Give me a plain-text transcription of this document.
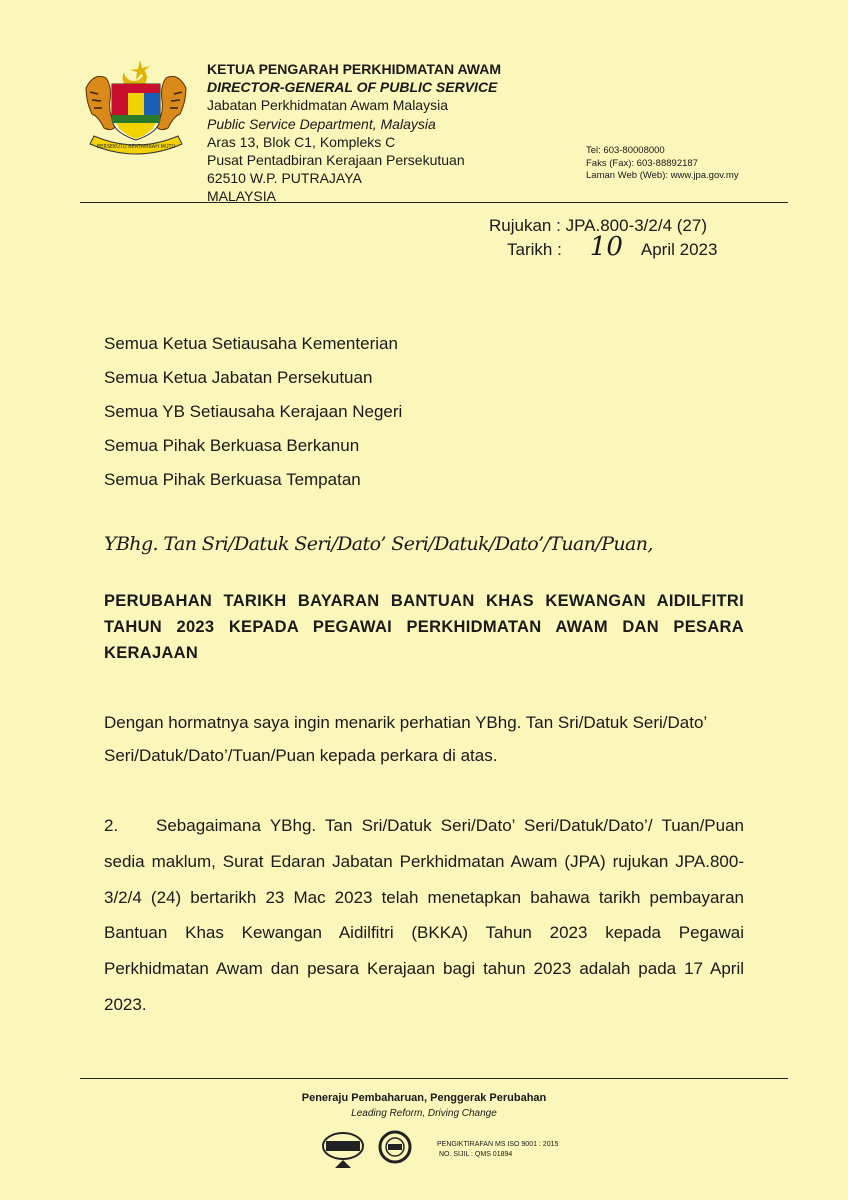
BERSEKUTU BERTAMBAH MUTU
KETUA PENGARAH PERKHIDMATAN AWAM
DIRECTOR-GENERAL OF PUBLIC SERVICE
Jabatan Perkhidmatan Awam Malaysia
Public Service Department, Malaysia
Aras 13, Blok C1, Kompleks C
Pusat Pentadbiran Kerajaan Persekutuan
62510 W.P. PUTRAJAYA
MALAYSIA
Tel: 603-80008000
Faks (Fax): 603-88892187
Laman Web (Web): www.jpa.gov.my
Rujukan : JPA.800-3/2/4 (27)
Tarikh : 10 April 2023
Semua Ketua Setiausaha Kementerian
Semua Ketua Jabatan Persekutuan
Semua YB Setiausaha Kerajaan Negeri
Semua Pihak Berkuasa Berkanun
Semua Pihak Berkuasa Tempatan
YBhg. Tan Sri/Datuk Seri/Dato’ Seri/Datuk/Dato’/Tuan/Puan,
PERUBAHAN TARIKH BAYARAN BANTUAN KHAS KEWANGAN AIDILFITRI TAHUN 2023 KEPADA PEGAWAI PERKHIDMATAN AWAM DAN PESARA KERAJAAN
Dengan hormatnya saya ingin menarik perhatian YBhg. Tan Sri/Datuk Seri/Dato’ Seri/Datuk/Dato’/Tuan/Puan kepada perkara di atas.
2. Sebagaimana YBhg. Tan Sri/Datuk Seri/Dato’ Seri/Datuk/Dato’/ Tuan/Puan sedia maklum, Surat Edaran Jabatan Perkhidmatan Awam (JPA) rujukan JPA.800-3/2/4 (24) bertarikh 23 Mac 2023 telah menetapkan bahawa tarikh pembayaran Bantuan Khas Kewangan Aidilfitri (BKKA) Tahun 2023 kepada Pegawai Perkhidmatan Awam dan pesara Kerajaan bagi tahun 2023 adalah pada 17 April 2023.
Peneraju Pembaharuan, Penggerak Perubahan
Leading Reform, Driving Change
PENGIKTIRAFAN MS ISO 9001 : 2015
NO. SIJIL : QMS 01894
